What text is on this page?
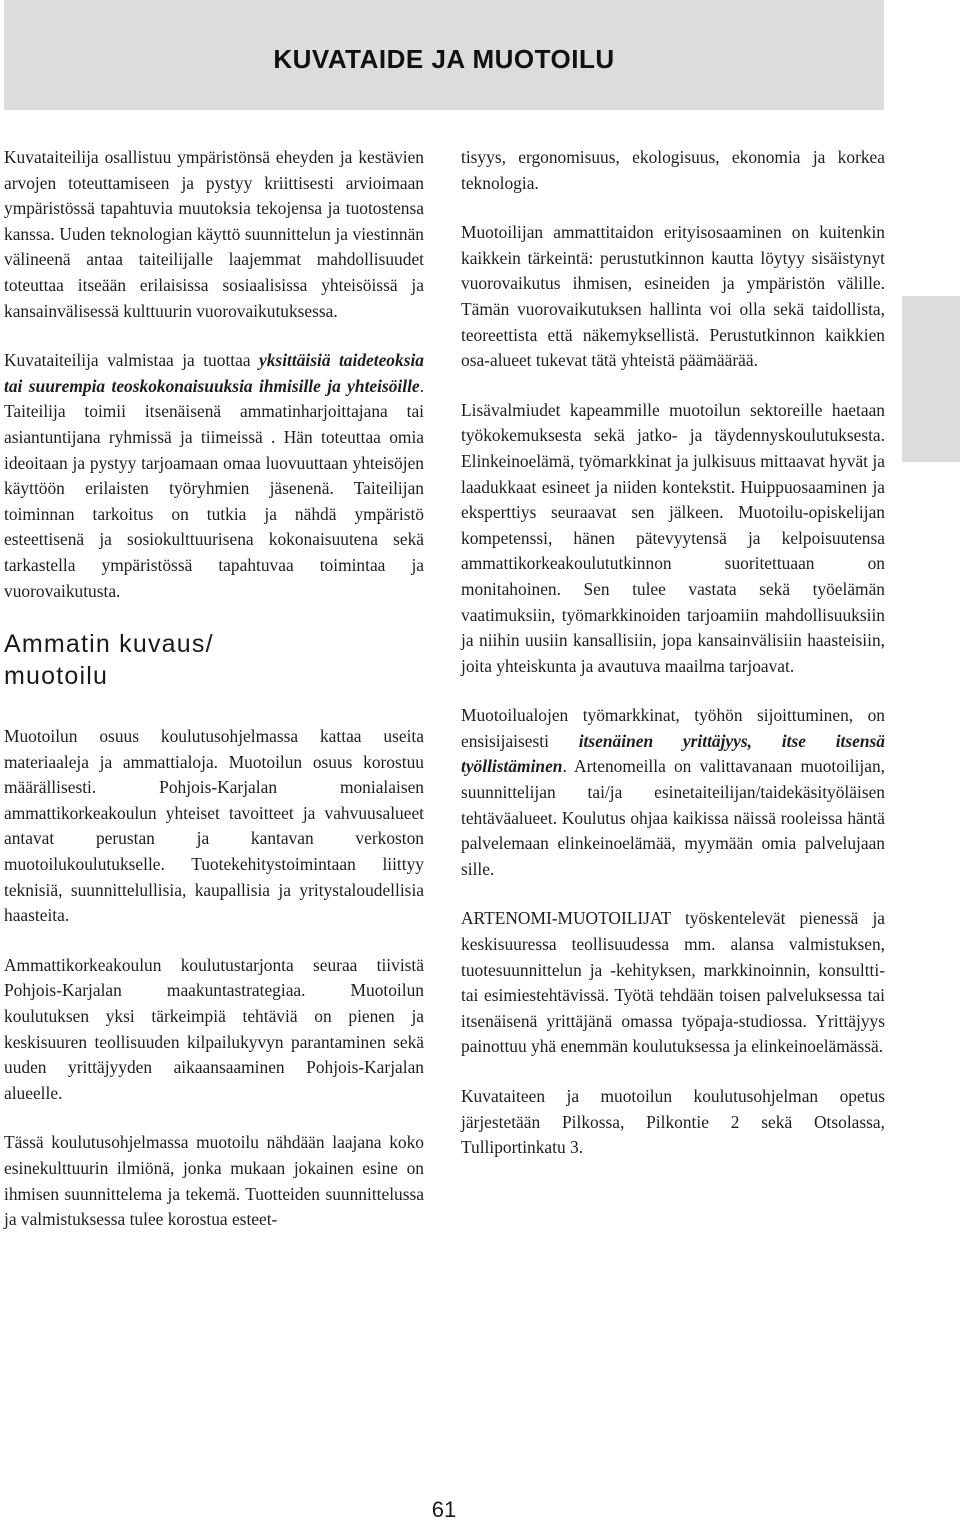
KUVATAIDE JA MUOTOILU

Kuvataiteilija osallistuu ympäristönsä eheyden ja kestävien arvojen toteuttamiseen ja pystyy kriittisesti arvioimaan ympäristössä tapahtuvia muutoksia tekojensa ja tuotostensa kanssa. Uuden teknologian käyttö suunnittelun ja viestinnän välineenä antaa taiteilijalle laajemmat mahdollisuudet toteuttaa itseään erilaisissa sosiaalisissa yhteisöissä ja kansainvälisessä kulttuurin vuorovaikutuksessa.

Kuvataiteilija valmistaa ja tuottaa yksittäisiä taideteoksia tai suurempia teoskokonaisuuksia ihmisille ja yhteisöille. Taiteilija toimii itsenäisenä ammatinharjoittajana tai asiantuntijana ryhmissä ja tiimeissä . Hän toteuttaa omia ideoitaan ja pystyy tarjoamaan omaa luovuuttaan yhteisöjen käyttöön erilaisten työryhmien jäsenenä. Taiteilijan toiminnan tarkoitus on tutkia ja nähdä ympäristö esteettisenä ja sosiokulttuurisena kokonaisuutena sekä tarkastella ympäristössä tapahtuvaa toimintaa ja vuorovaikutusta.

Ammatin kuvaus/
muotoilu

Muotoilun osuus koulutusohjelmassa kattaa useita materiaaleja ja ammattialoja. Muotoilun osuus korostuu määrällisesti. Pohjois-Karjalan monialaisen ammattikorkeakoulun yhteiset tavoitteet ja vahvuusalueet antavat perustan ja kantavan verkoston muotoilukoulutukselle. Tuotekehitystoimintaan liittyy teknisiä, suunnittelullisia, kaupallisia ja yritystaloudellisia haasteita.

Ammattikorkeakoulun koulutustarjonta seuraa tiivistä Pohjois-Karjalan maakuntastrategiaa. Muotoilun koulutuksen yksi tärkeimpiä tehtäviä on pienen ja keskisuuren teollisuuden kilpailukyvyn parantaminen sekä uuden yrittäjyyden aikaansaaminen Pohjois-Karjalan alueelle.

Tässä koulutusohjelmassa muotoilu nähdään laajana koko esinekulttuurin ilmiönä, jonka mukaan jokainen esine on ihmisen suunnittelema ja tekemä. Tuotteiden suunnittelussa ja valmistuksessa tulee korostua esteet-

tisyys, ergonomisuus, ekologisuus, ekonomia ja korkea teknologia.

Muotoilijan ammattitaidon erityisosaaminen on kuitenkin kaikkein tärkeintä: perustutkinnon kautta löytyy sisäistynyt vuorovaikutus ihmisen, esineiden ja ympäristön välille. Tämän vuorovaikutuksen hallinta voi olla sekä taidollista, teoreettista että näkemyksellistä. Perustutkinnon kaikkien osa-alueet tukevat tätä yhteistä päämäärää.

Lisävalmiudet kapeammille muotoilun sektoreille haetaan työkokemuksesta sekä jatko- ja täydennyskoulutuksesta. Elinkeinoelämä, työmarkkinat ja julkisuus mittaavat hyvät ja laadukkaat esineet ja niiden kontekstit. Huippuosaaminen ja eksperttiys seuraavat sen jälkeen. Muotoilu-opiskelijan kompetenssi, hänen pätevyytensä ja kelpoisuutensa ammattikorkeakoulututkinnon suoritettuaan on monitahoinen. Sen tulee vastata sekä työelämän vaatimuksiin, työmarkkinoiden tarjoamiin mahdollisuuksiin ja niihin uusiin kansallisiin, jopa kansainvälisiin haasteisiin, joita yhteiskunta ja avautuva maailma tarjoavat.

Muotoilualojen työmarkkinat, työhön sijoittuminen, on ensisijaisesti itsenäinen yrittäjyys, itse itsensä työllistäminen. Artenomeilla on valittavanaan muotoilijan, suunnittelijan tai/ja esinetaiteilijan/taidekäsityöläisen tehtäväalueet. Koulutus ohjaa kaikissa näissä rooleissa häntä palvelemaan elinkeinoelämää, myymään omia palvelujaan sille.

ARTENOMI-MUOTOILIJAT työskentelevät pienessä ja keskisuuressa teollisuudessa mm. alansa valmistuksen, tuotesuunnittelun ja -kehityksen, markkinoinnin, konsultti- tai esimiestehtävissä. Työtä tehdään toisen palveluksessa tai itsenäisenä yrittäjänä omassa työpaja-studiossa. Yrittäjyys painottuu yhä enemmän koulutuksessa ja elinkeinoelämässä.

Kuvataiteen ja muotoilun koulutusohjelman opetus järjestetään Pilkossa, Pilkontie 2 sekä Otsolassa, Tulliportinkatu 3.

61
